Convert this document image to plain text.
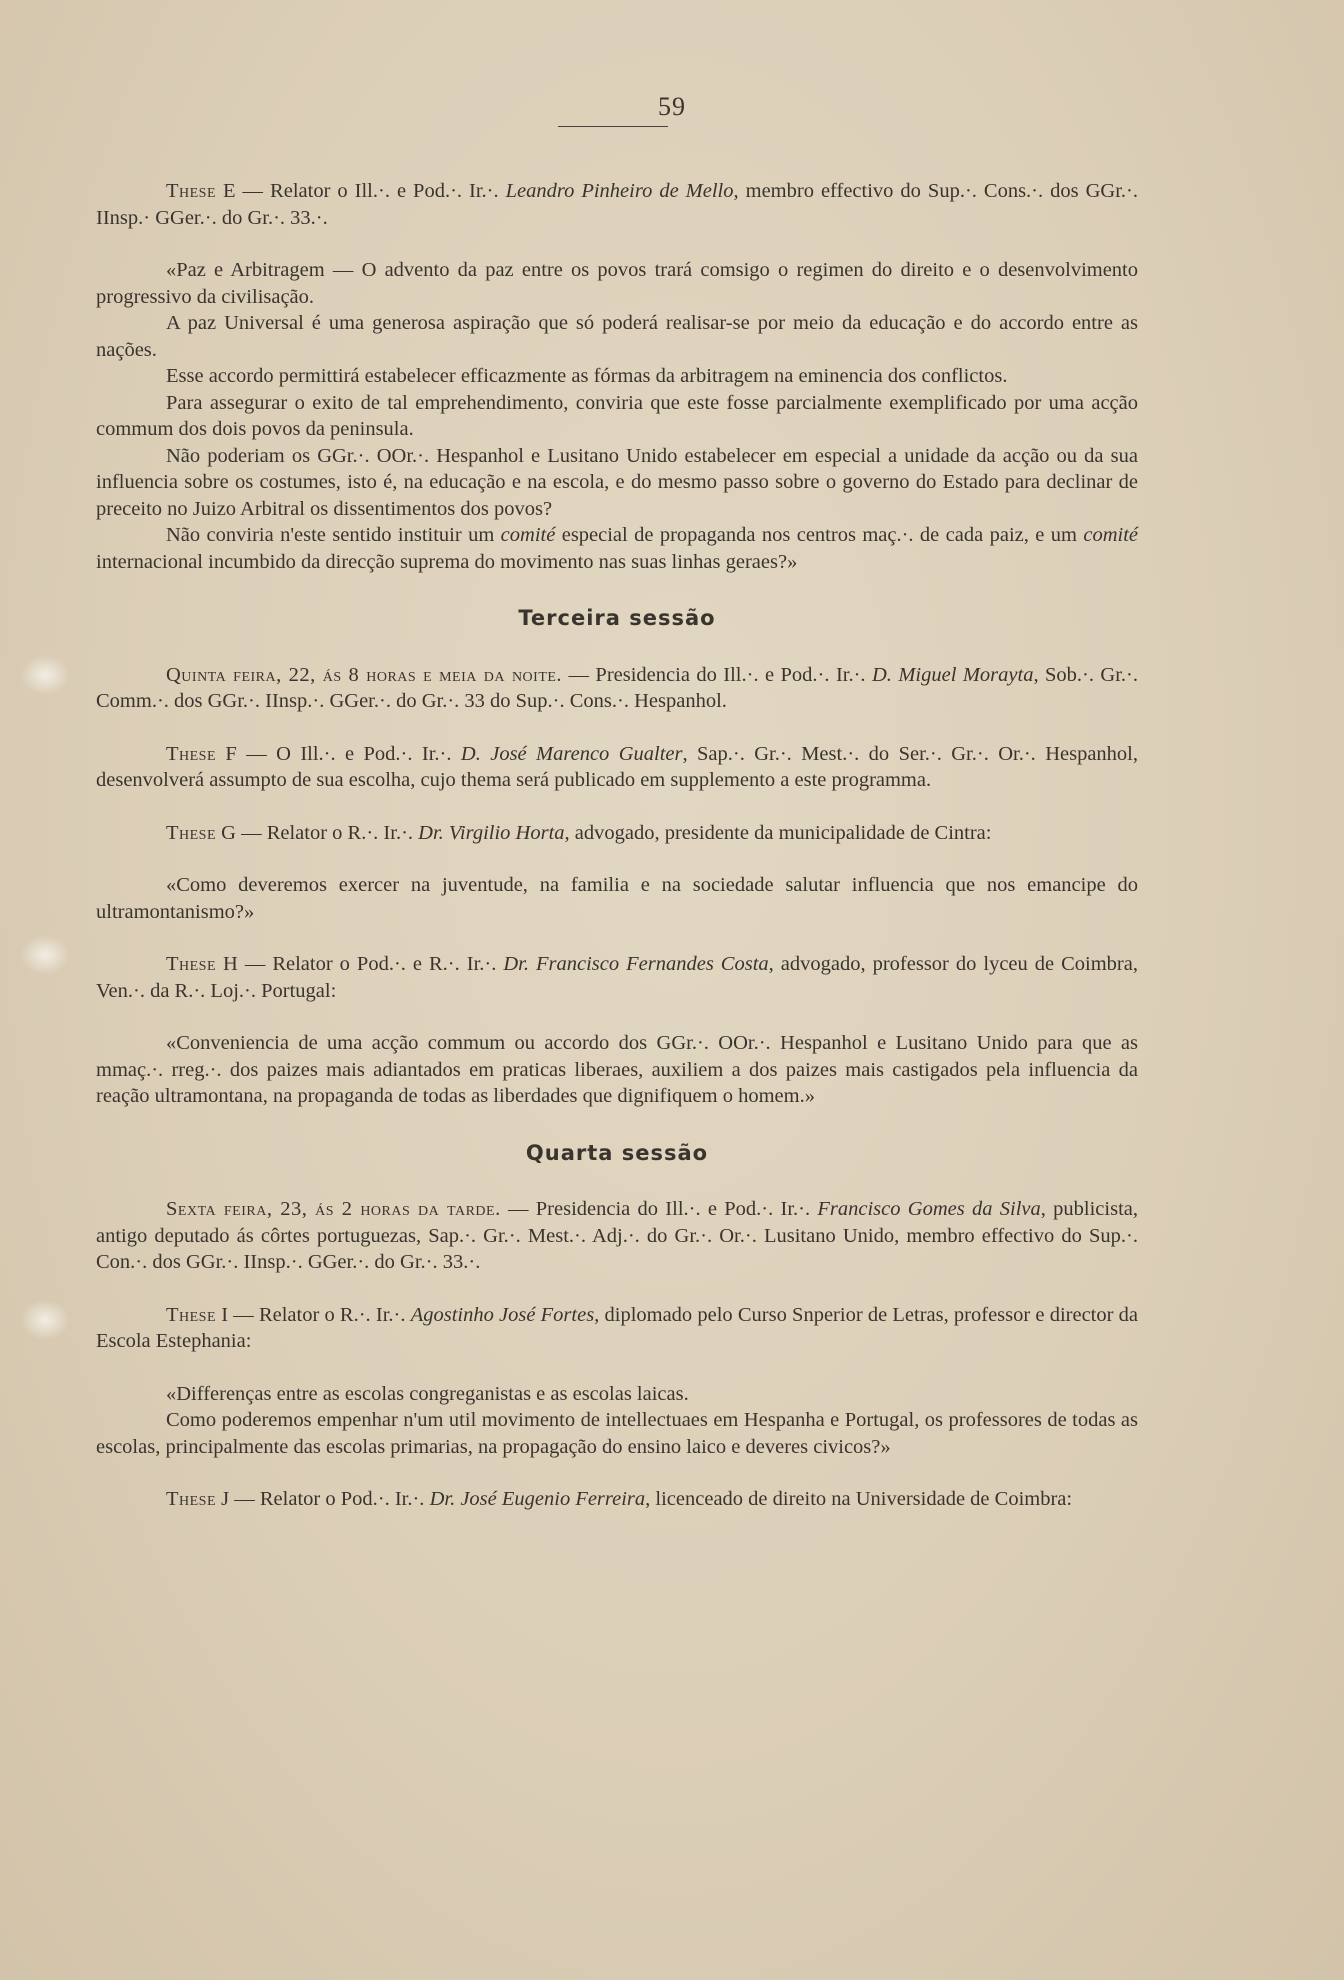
59

These E — Relator o Ill.·. e Pod.·. Ir.·. Leandro Pinheiro de Mello, membro effectivo do Sup.·. Cons.·. dos GGr.·. IInsp.· GGer.·. do Gr.·. 33.·.

«Paz e Arbitragem — O advento da paz entre os povos trará comsigo o regimen do direito e o desenvolvimento progressivo da civilisação.

A paz Universal é uma generosa aspiração que só poderá realisar-se por meio da educação e do accordo entre as nações.

Esse accordo permittirá estabelecer efficazmente as fórmas da arbitragem na eminencia dos conflictos.

Para assegurar o exito de tal emprehendimento, conviria que este fosse parcialmente exemplificado por uma acção commum dos dois povos da peninsula.

Não poderiam os GGr.·. OOr.·. Hespanhol e Lusitano Unido estabelecer em especial a unidade da acção ou da sua influencia sobre os costumes, isto é, na educação e na escola, e do mesmo passo sobre o governo do Estado para declinar de preceito no Juizo Arbitral os dissentimentos dos povos?

Não conviria n'este sentido instituir um comité especial de propaganda nos centros maç.·. de cada paiz, e um comité internacional incumbido da direcção suprema do movimento nas suas linhas geraes?»

Terceira sessão

Quinta feira, 22, ás 8 horas e meia da noite. — Presidencia do Ill.·. e Pod.·. Ir.·. D. Miguel Morayta, Sob.·. Gr.·. Comm.·. dos GGr.·. IInsp.·. GGer.·. do Gr.·. 33 do Sup.·. Cons.·. Hespanhol.

These F — O Ill.·. e Pod.·. Ir.·. D. José Marenco Gualter, Sap.·. Gr.·. Mest.·. do Ser.·. Gr.·. Or.·. Hespanhol, desenvolverá assumpto de sua escolha, cujo thema será publicado em supplemento a este programma.

These G — Relator o R.·. Ir.·. Dr. Virgilio Horta, advogado, presidente da municipalidade de Cintra:

«Como deveremos exercer na juventude, na familia e na sociedade salutar influencia que nos emancipe do ultramontanismo?»

These H — Relator o Pod.·. e R.·. Ir.·. Dr. Francisco Fernandes Costa, advogado, professor do lyceu de Coimbra, Ven.·. da R.·. Loj.·. Portugal:

«Conveniencia de uma acção commum ou accordo dos GGr.·. OOr.·. Hespanhol e Lusitano Unido para que as mmaç.·. rreg.·. dos paizes mais adiantados em praticas liberaes, auxiliem a dos paizes mais castigados pela influencia da reação ultramontana, na propaganda de todas as liberdades que dignifiquem o homem.»

Quarta sessão

Sexta feira, 23, ás 2 horas da tarde. — Presidencia do Ill.·. e Pod.·. Ir.·. Francisco Gomes da Silva, publicista, antigo deputado ás côrtes portuguezas, Sap.·. Gr.·. Mest.·. Adj.·. do Gr.·. Or.·. Lusitano Unido, membro effectivo do Sup.·. Con.·. dos GGr.·. IInsp.·. GGer.·. do Gr.·. 33.·.

These I — Relator o R.·. Ir.·. Agostinho José Fortes, diplomado pelo Curso Snperior de Letras, professor e director da Escola Estephania:

«Differenças entre as escolas congreganistas e as escolas laicas.

Como poderemos empenhar n'um util movimento de intellectuaes em Hespanha e Portugal, os professores de todas as escolas, principalmente das escolas primarias, na propagação do ensino laico e deveres civicos?»

These J — Relator o Pod.·. Ir.·. Dr. José Eugenio Ferreira, licenceado de direito na Universidade de Coimbra:
